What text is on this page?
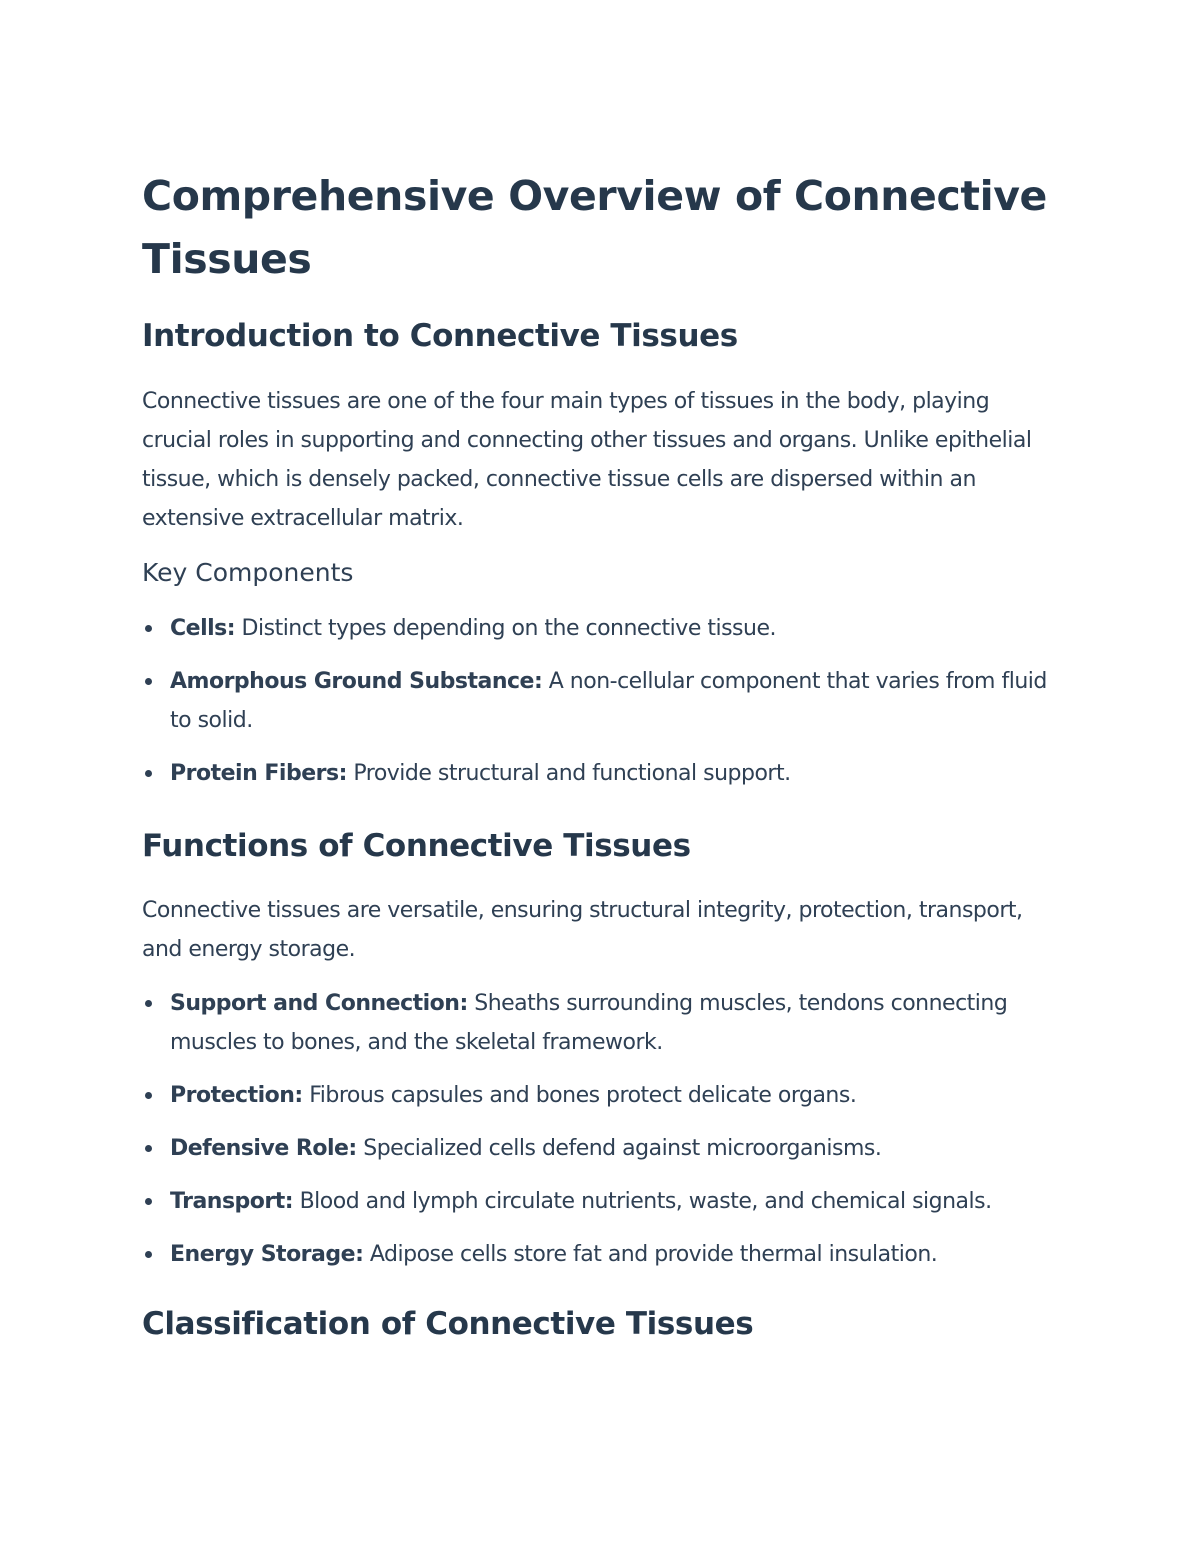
Comprehensive Overview of Connective Tissues
Introduction to Connective Tissues

Connective tissues are one of the four main types of tissues in the body, playing crucial roles in supporting and connecting other tissues and organs. Unlike epithelial tissue, which is densely packed, connective tissue cells are dispersed within an extensive extracellular matrix.

Key Components
Cells: Distinct types depending on the connective tissue.
Amorphous Ground Substance: A non-cellular component that varies from fluid to solid.
Protein Fibers: Provide structural and functional support.
Functions of Connective Tissues

Connective tissues are versatile, ensuring structural integrity, protection, transport, and energy storage.

Support and Connection: Sheaths surrounding muscles, tendons connecting muscles to bones, and the skeletal framework.
Protection: Fibrous capsules and bones protect delicate organs.
Defensive Role: Specialized cells defend against microorganisms.
Transport: Blood and lymph circulate nutrients, waste, and chemical signals.
Energy Storage: Adipose cells store fat and provide thermal insulation.
Classification of Connective Tissues
